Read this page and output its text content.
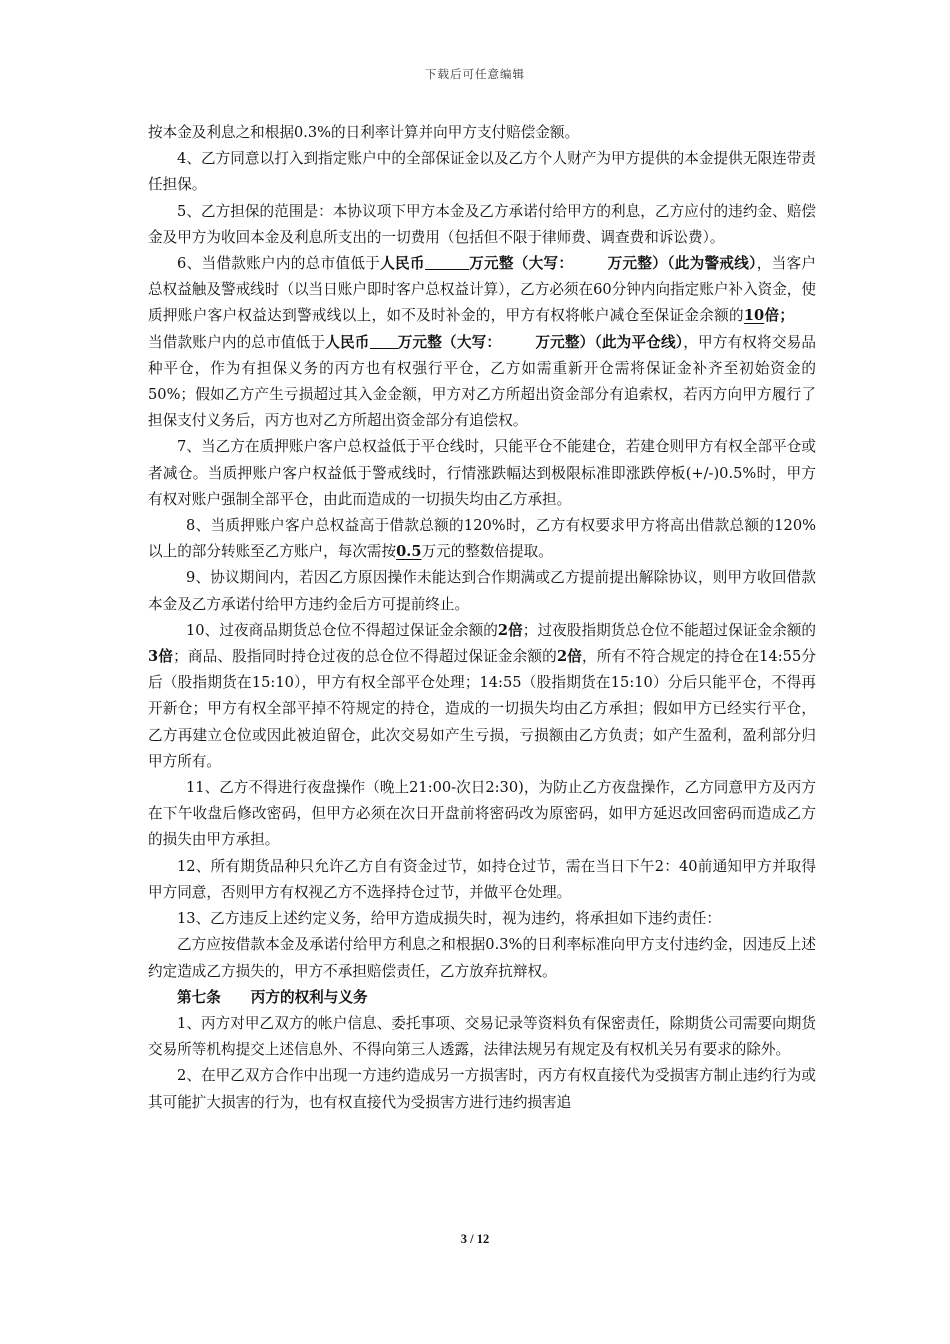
下载后可任意编辑

按本金及利息之和根据0.3%的日利率计算并向甲方支付赔偿金额。

4、乙方同意以打入到指定账户中的全部保证金以及乙方个人财产为甲方提供的本金提供无限连带责任担保。

5、乙方担保的范围是：本协议项下甲方本金及乙方承诺付给甲方的利息，乙方应付的违约金、赔偿金及甲方为收回本金及利息所支出的一切费用（包括但不限于律师费、调查费和诉讼费）。

6、当借款账户内的总市值低于人民币	万元整（大写： 万元整）（此为警戒线），当客户总权益触及警戒线时（以当日账户即时客户总权益计算），乙方必须在60分钟内向指定账户补入资金，使质押账户客户权益达到警戒线以上，如不及时补金的，甲方有权将帐户减仓至保证金余额的10倍；当借款账户内的总市值低于人民币 万元整（大写： 万元整）（此为平仓线），甲方有权将交易品种平仓，作为有担保义务的丙方也有权强行平仓，乙方如需重新开仓需将保证金补齐至初始资金的50%；假如乙方产生亏损超过其入金金额，甲方对乙方所超出资金部分有追索权，若丙方向甲方履行了担保支付义务后，丙方也对乙方所超出资金部分有追偿权。

7、当乙方在质押账户客户总权益低于平仓线时，只能平仓不能建仓，若建仓则甲方有权全部平仓或者减仓。当质押账户客户权益低于警戒线时，行情涨跌幅达到极限标准即涨跌停板(+/-)0.5%时，甲方有权对账户强制全部平仓，由此而造成的一切损失均由乙方承担。

8、当质押账户客户总权益高于借款总额的120%时，乙方有权要求甲方将高出借款总额的120%以上的部分转账至乙方账户，每次需按0.5万元的整数倍提取。

9、协议期间内，若因乙方原因操作未能达到合作期满或乙方提前提出解除协议，则甲方收回借款本金及乙方承诺付给甲方违约金后方可提前终止。

10、过夜商品期货总仓位不得超过保证金余额的2倍；过夜股指期货总仓位不能超过保证金余额的3倍；商品、股指同时持仓过夜的总仓位不得超过保证金余额的2倍，所有不符合规定的持仓在14:55分后（股指期货在15:10），甲方有权全部平仓处理；14:55（股指期货在15:10）分后只能平仓，不得再开新仓；甲方有权全部平掉不符规定的持仓，造成的一切损失均由乙方承担；假如甲方已经实行平仓，乙方再建立仓位或因此被迫留仓，此次交易如产生亏损，亏损额由乙方负责；如产生盈利，盈利部分归甲方所有。

11、乙方不得进行夜盘操作（晚上21:00-次日2:30)，为防止乙方夜盘操作，乙方同意甲方及丙方在下午收盘后修改密码，但甲方必须在次日开盘前将密码改为原密码，如甲方延迟改回密码而造成乙方的损失由甲方承担。

12、所有期货品种只允许乙方自有资金过节，如持仓过节，需在当日下午2：40前通知甲方并取得甲方同意，否则甲方有权视乙方不选择持仓过节，并做平仓处理。

13、乙方违反上述约定义务，给甲方造成损失时，视为违约，将承担如下违约责任：

乙方应按借款本金及承诺付给甲方利息之和根据0.3%的日利率标准向甲方支付违约金，因违反上述约定造成乙方损失的，甲方不承担赔偿责任，乙方放弃抗辩权。

第七条 丙方的权利与义务

1、丙方对甲乙双方的帐户信息、委托事项、交易记录等资料负有保密责任，除期货公司需要向期货交易所等机构提交上述信息外、不得向第三人透露，法律法规另有规定及有权机关另有要求的除外。

2、在甲乙双方合作中出现一方违约造成另一方损害时，丙方有权直接代为受损害方制止违约行为或其可能扩大损害的行为，也有权直接代为受损害方进行违约损害追

3 / 12
